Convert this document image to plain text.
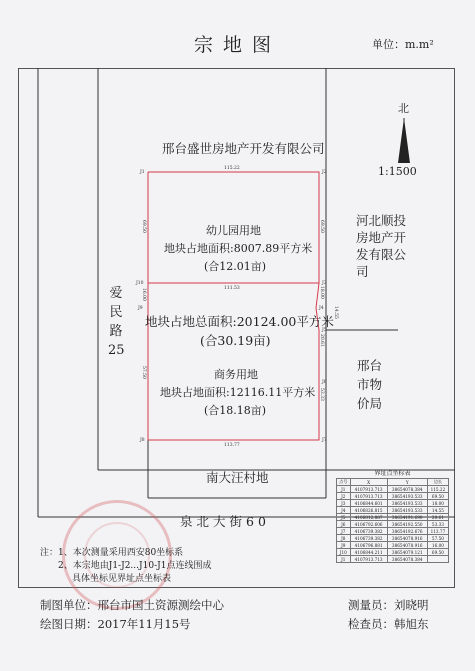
宗地图	单位：m.m²
北
1:1500
邢台盛世房地产开发有限公司
河北顺投房地产开发有限公司
邢台市物价局
爱民路25
南大汪村地
泉北大街60
J1	J2
J3
J4
J5
J6
J7
J8
J9
J10
115.22
113.77
69.50
16.00
57.50
69.50
18.00
14.55
20.61
53.33
111.53
幼儿园用地
地块占地面积:8007.89平方米
(合12.01亩)
地块占地总面积:20124.00平方米
(合30.19亩)
商务用地
地块占地面积:12116.11平方米
(合18.18亩)
界址点坐标表
点号	X	Y	边长
J1	4107913.713	38654078.384	115.22
J2	4107913.713	38654193.533	69.50
J3	4106844.601	38654193.533	18.00
J4	4106826.815	38654193.533	14.55
J5	4106812.887	38654191.690	20.61
J6	4106792.606	38654192.550	53.33
J7	4106739.382	38654192.676	113.77
J8	4106739.382	38654078.916	57.50
J9	4106796.881	38654078.916	16.00
J10	4106844.211	38654079.121	69.50
J1	4107913.713	38654078.384	
注：1、本次测量采用西安80坐标系
2、本宗地由J1-J2...J10-J1点连线围成
具体坐标见界址点坐标表
制图单位：邢台市国土资源测绘中心	测量员：刘晓明
绘图日期：2017年11月15号	检查员：韩旭东
